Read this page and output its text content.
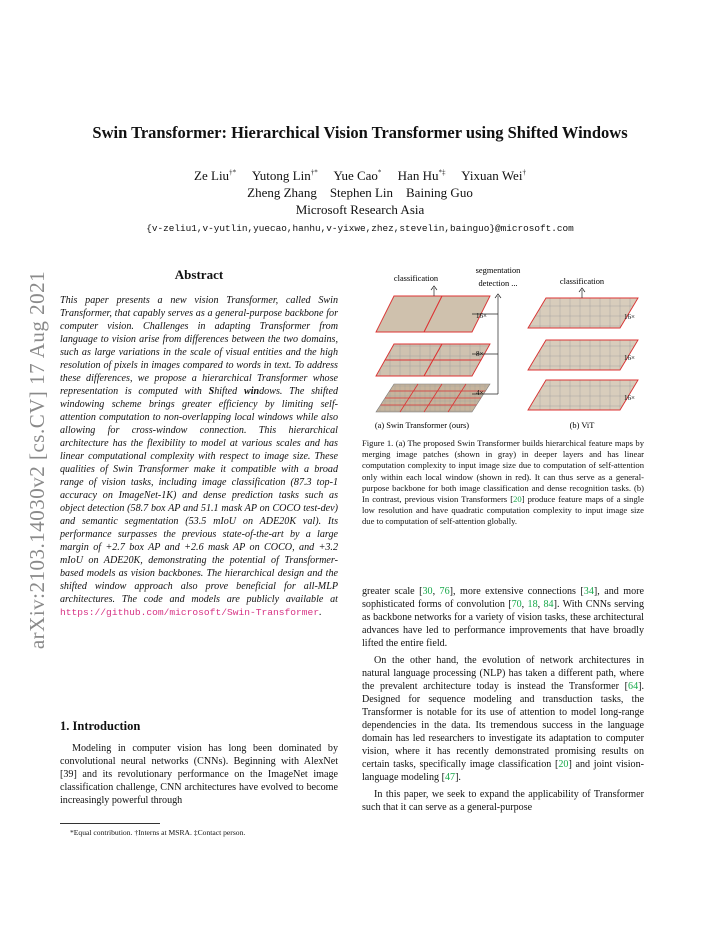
arXiv:2103.14030v2 [cs.CV] 17 Aug 2021
Swin Transformer: Hierarchical Vision Transformer using Shifted Windows
Ze Liu†* Yutong Lin†* Yue Cao* Han Hu*‡ Yixuan Wei†
Zheng Zhang    Stephen Lin    Baining Guo
Microsoft Research Asia
{v-zeliu1,v-yutlin,yuecao,hanhu,v-yixwe,zhez,stevelin,bainguo}@microsoft.com
Abstract

This paper presents a new vision Transformer, called Swin Transformer, that capably serves as a general-purpose backbone for computer vision. Challenges in adapting Transformer from language to vision arise from differences between the two domains, such as large variations in the scale of visual entities and the high resolution of pixels in images compared to words in text. To address these differences, we propose a hierarchical Transformer whose representation is computed with Shifted windows. The shifted windowing scheme brings greater efficiency by limiting self-attention computation to non-overlapping local windows while also allowing for cross-window connection. This hierarchical architecture has the flexibility to model at various scales and has linear computational complexity with respect to image size. These qualities of Swin Transformer make it compatible with a broad range of vision tasks, including image classification (87.3 top-1 accuracy on ImageNet-1K) and dense prediction tasks such as object detection (58.7 box AP and 51.1 mask AP on COCO test-dev) and semantic segmentation (53.5 mIoU on ADE20K val). Its performance surpasses the previous state-of-the-art by a large margin of +2.7 box AP and +2.6 mask AP on COCO, and +3.2 mIoU on ADE20K, demonstrating the potential of Transformer-based models as vision backbones. The hierarchical design and the shifted window approach also prove beneficial for all-MLP architectures. The code and models are publicly available at https://github.com/microsoft/Swin-Transformer.

1. Introduction

Modeling in computer vision has long been dominated by convolutional neural networks (CNNs). Beginning with AlexNet [39] and its revolutionary performance on the ImageNet image classification challenge, CNN architectures have evolved to become increasingly powerful through

*Equal contribution. †Interns at MSRA. ‡Contact person.
classification
segmentation
detection ...
16×
8×
4×
classification
16×
16×
16×
(a) Swin Transformer (ours)	(b) ViT

Figure 1. (a) The proposed Swin Transformer builds hierarchical feature maps by merging image patches (shown in gray) in deeper layers and has linear computation complexity to input image size due to computation of self-attention only within each local window (shown in red). It can thus serve as a general-purpose backbone for both image classification and dense recognition tasks. (b) In contrast, previous vision Transformers [20] produce feature maps of a single low resolution and have quadratic computation complexity to input image size due to computation of self-attention globally.

greater scale [30, 76], more extensive connections [34], and more sophisticated forms of convolution [70, 18, 84]. With CNNs serving as backbone networks for a variety of vision tasks, these architectural advances have led to performance improvements that have broadly lifted the entire field.

On the other hand, the evolution of network architectures in natural language processing (NLP) has taken a different path, where the prevalent architecture today is instead the Transformer [64]. Designed for sequence modeling and transduction tasks, the Transformer is notable for its use of attention to model long-range dependencies in the data. Its tremendous success in the language domain has led researchers to investigate its adaptation to computer vision, where it has recently demonstrated promising results on certain tasks, specifically image classification [20] and joint vision-language modeling [47].

In this paper, we seek to expand the applicability of Transformer such that it can serve as a general-purpose
